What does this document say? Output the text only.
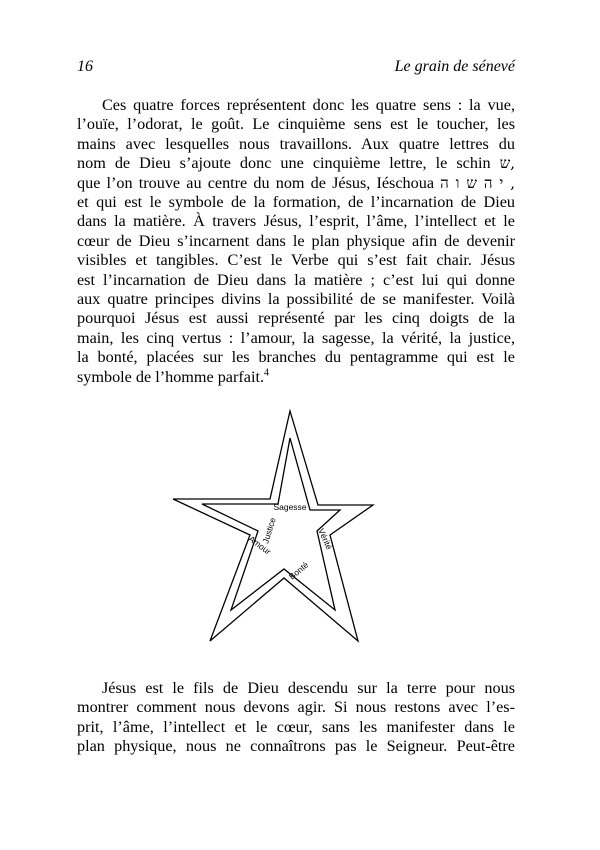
16	Le grain de sénevé
Ces quatre forces représentent donc les quatre sens : la vue,
l’ouïe, l’odorat, le goût. Le cinquième sens est le toucher, les
mains avec lesquelles nous travaillons. Aux quatre lettres du
nom de Dieu s’ajoute donc une cinquième lettre, le schin ש,
que l’on trouve au centre du nom de Jésus, Iéschoua י ה ש ו ה ,
et qui est le symbole de la formation, de l’incarnation de Dieu
dans la matière. À travers Jésus, l’esprit, l’âme, l’intellect et le
cœur de Dieu s’incarnent dans le plan physique afin de devenir
visibles et tangibles. C’est le Verbe qui s’est fait chair. Jésus
est l’incarnation de Dieu dans la matière ; c’est lui qui donne
aux quatre principes divins la possibilité de se manifester. Voilà
pourquoi Jésus est aussi représenté par les cinq doigts de la
main, les cinq vertus : l’amour, la sagesse, la vérité, la justice,
la bonté, placées sur les branches du pentagramme qui est le
symbole de l’homme parfait.$^4$
Sagesse
Vérité
Bonté
Amour
Justice
Jésus est le fils de Dieu descendu sur la terre pour nous
montrer comment nous devons agir. Si nous restons avec l’es-
prit, l’âme, l’intellect et le cœur, sans les manifester dans le
plan physique, nous ne connaîtrons pas le Seigneur. Peut-être
